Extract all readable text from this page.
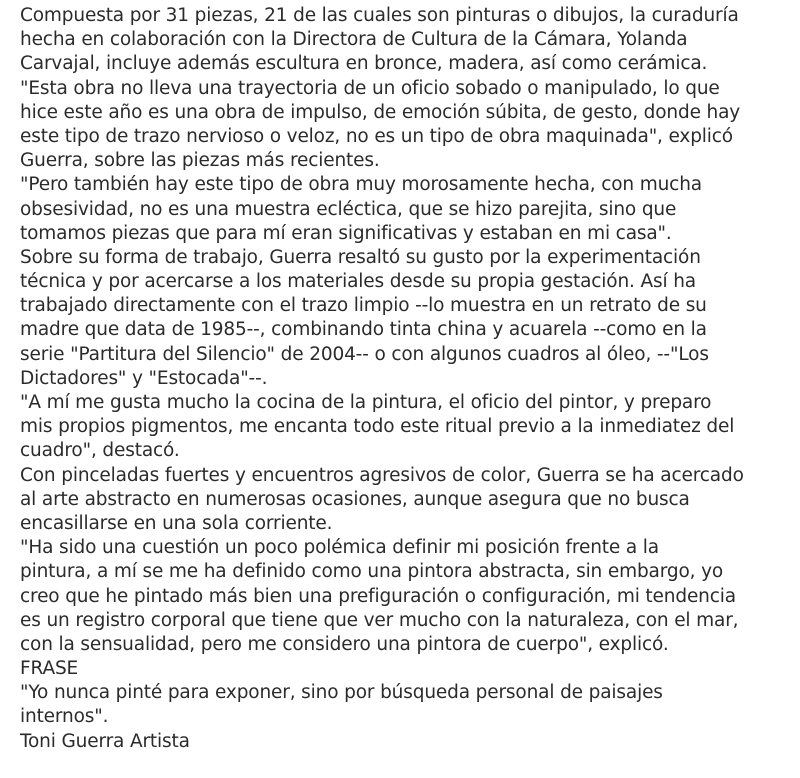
Compuesta por 31 piezas, 21 de las cuales son pinturas o dibujos, la curaduría
hecha en colaboración con la Directora de Cultura de la Cámara, Yolanda
Carvajal, incluye además escultura en bronce, madera, así como cerámica.
"Esta obra no lleva una trayectoria de un oficio sobado o manipulado, lo que
hice este año es una obra de impulso, de emoción súbita, de gesto, donde hay
este tipo de trazo nervioso o veloz, no es un tipo de obra maquinada", explicó
Guerra, sobre las piezas más recientes.
"Pero también hay este tipo de obra muy morosamente hecha, con mucha
obsesividad, no es una muestra ecléctica, que se hizo parejita, sino que
tomamos piezas que para mí eran significativas y estaban en mi casa".
Sobre su forma de trabajo, Guerra resaltó su gusto por la experimentación
técnica y por acercarse a los materiales desde su propia gestación. Así ha
trabajado directamente con el trazo limpio --lo muestra en un retrato de su
madre que data de 1985--, combinando tinta china y acuarela --como en la
serie "Partitura del Silencio" de 2004-- o con algunos cuadros al óleo, --"Los
Dictadores" y "Estocada"--.
"A mí me gusta mucho la cocina de la pintura, el oficio del pintor, y preparo
mis propios pigmentos, me encanta todo este ritual previo a la inmediatez del
cuadro", destacó.
Con pinceladas fuertes y encuentros agresivos de color, Guerra se ha acercado
al arte abstracto en numerosas ocasiones, aunque asegura que no busca
encasillarse en una sola corriente.
"Ha sido una cuestión un poco polémica definir mi posición frente a la
pintura, a mí se me ha definido como una pintora abstracta, sin embargo, yo
creo que he pintado más bien una prefiguración o configuración, mi tendencia
es un registro corporal que tiene que ver mucho con la naturaleza, con el mar,
con la sensualidad, pero me considero una pintora de cuerpo", explicó.
FRASE
"Yo nunca pinté para exponer, sino por búsqueda personal de paisajes
internos".
Toni Guerra Artista
